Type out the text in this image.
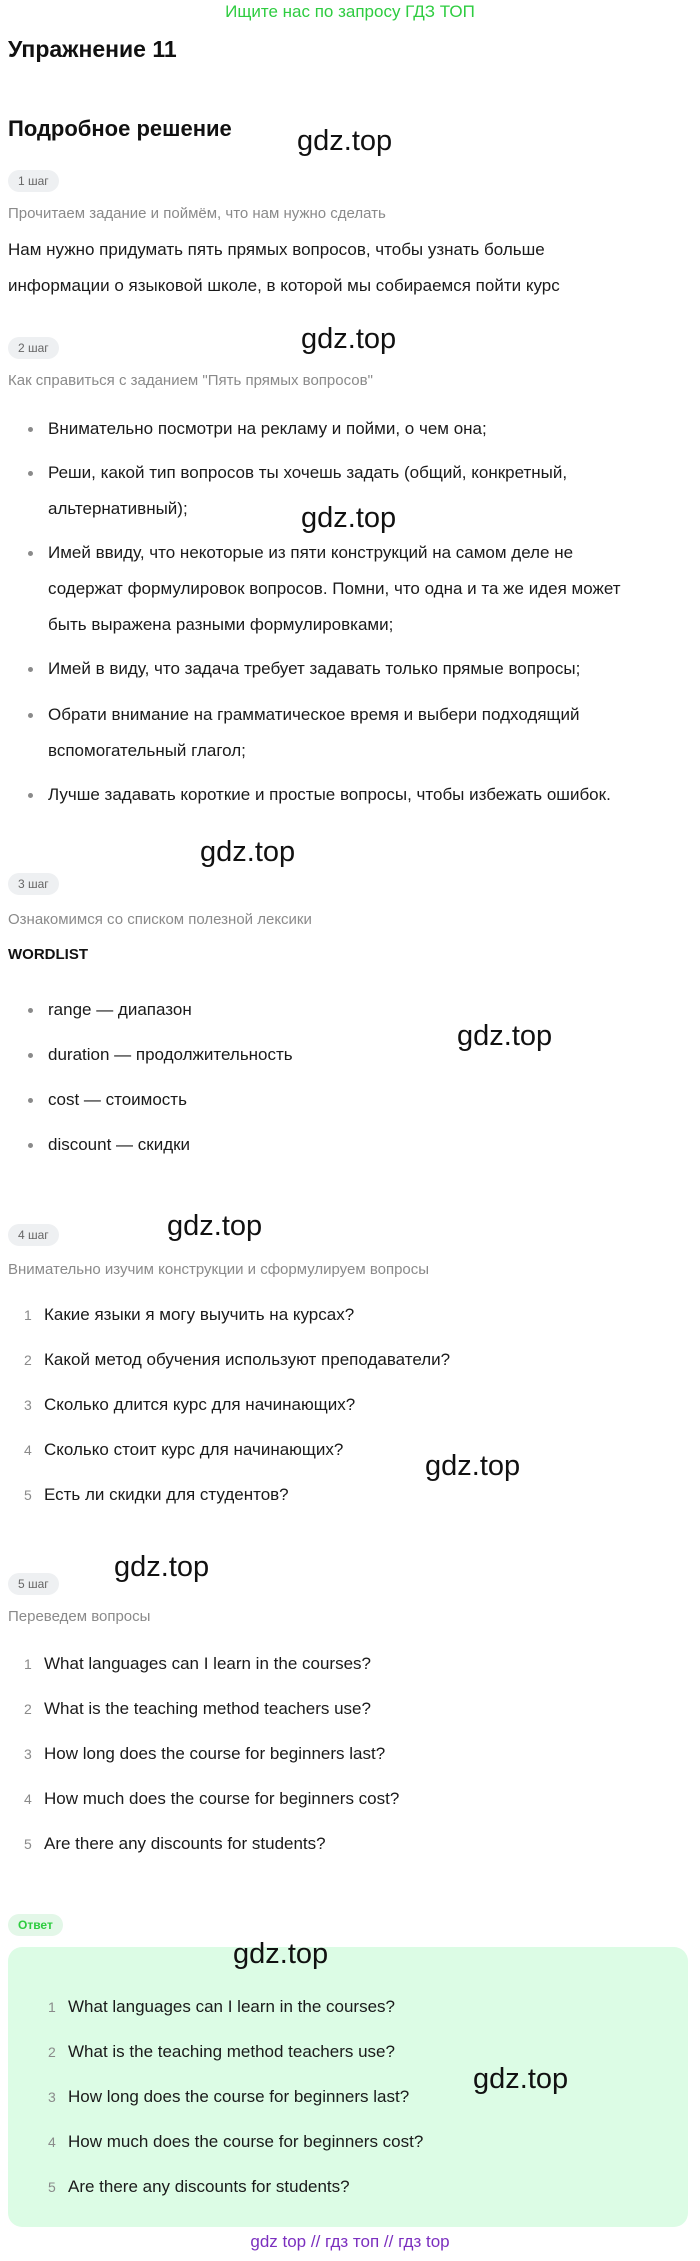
Ищите нас по запросу ГДЗ ТОП
Упражнение 11
Подробное решение
1 шаг
Прочитаем задание и поймём, что нам нужно сделать
Нам нужно придумать пять прямых вопросов, чтобы узнать больше
информации о языковой школе, в которой мы собираемся пойти курс
2 шаг
Как справиться с заданием "Пять прямых вопросов"
Внимательно посмотри на рекламу и пойми, о чем она;
Реши, какой тип вопросов ты хочешь задать (общий, конкретный,
альтернативный);
Имей ввиду, что некоторые из пяти конструкций на самом деле не
содержат формулировок вопросов. Помни, что одна и та же идея может
быть выражена разными формулировками;
Имей в виду, что задача требует задавать только прямые вопросы;
Обрати внимание на грамматическое время и выбери подходящий
вспомогательный глагол;
Лучше задавать короткие и простые вопросы, чтобы избежать ошибок.
3 шаг
Ознакомимся со списком полезной лексики
WORDLIST
range — диапазон
duration — продолжительность
cost — стоимость
discount — скидки
4 шаг
Внимательно изучим конструкции и сформулируем вопросы
1 Какие языки я могу выучить на курсах?
2 Какой метод обучения используют преподаватели?
3 Сколько длится курс для начинающих?
4 Сколько стоит курс для начинающих?
5 Есть ли скидки для студентов?
5 шаг
Переведем вопросы
1 What languages can I learn in the courses?
2 What is the teaching method teachers use?
3 How long does the course for beginners last?
4 How much does the course for beginners cost?
5 Are there any discounts for students?
Ответ
1 What languages can I learn in the courses?
2 What is the teaching method teachers use?
3 How long does the course for beginners last?
4 How much does the course for beginners cost?
5 Are there any discounts for students?
gdz.top
gdz.top
gdz.top
gdz.top
gdz.top
gdz.top
gdz.top
gdz.top
gdz.top
gdz.top
gdz top // гдз топ // гдз top
